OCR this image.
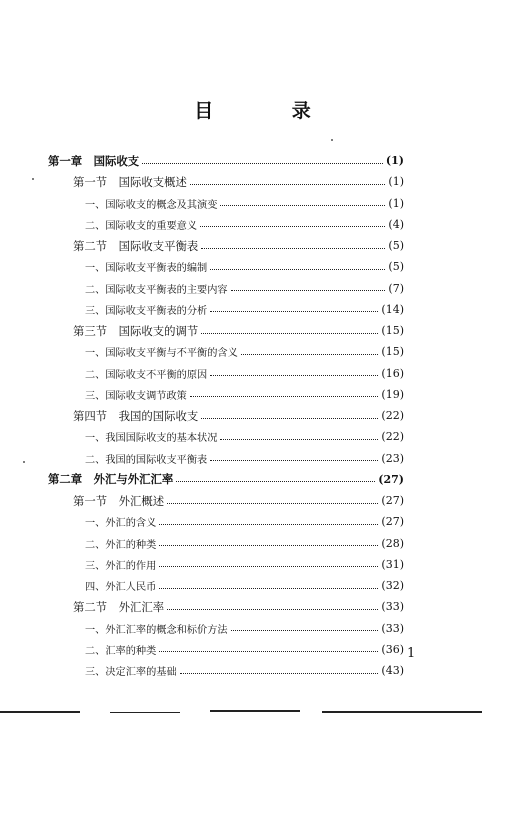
目 录
第一章　国际收支	(1)
第一节　国际收支概述	(1)
一、国际收支的概念及其演变	(1)
二、国际收支的重要意义	(4)
第二节　国际收支平衡表	(5)
一、国际收支平衡表的编制	(5)
二、国际收支平衡表的主要内容	(7)
三、国际收支平衡表的分析	(14)
第三节　国际收支的调节	(15)
一、国际收支平衡与不平衡的含义	(15)
二、国际收支不平衡的原因	(16)
三、国际收支调节政策	(19)
第四节　我国的国际收支	(22)
一、我国国际收支的基本状况	(22)
二、我国的国际收支平衡表	(23)
第二章　外汇与外汇汇率	(27)
第一节　外汇概述	(27)
一、外汇的含义	(27)
二、外汇的种类	(28)
三、外汇的作用	(31)
四、外汇人民币	(32)
第二节　外汇汇率	(33)
一、外汇汇率的概念和标价方法	(33)
二、汇率的种类	(36)
三、决定汇率的基础	(43)
1
